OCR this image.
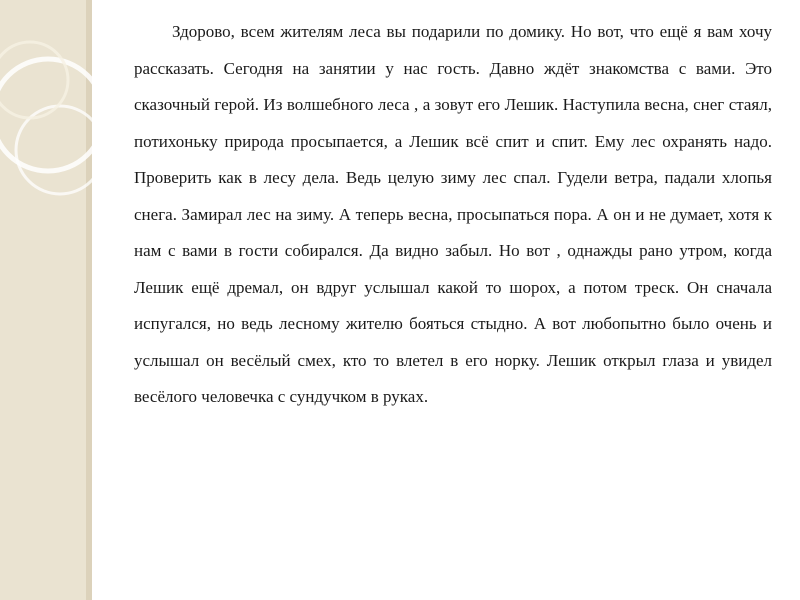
Здорово, всем жителям леса вы подарили по домику. Но вот, что ещё я вам хочу рассказать. Сегодня на занятии у нас гость. Давно ждёт знакомства с вами. Это сказочный герой. Из волшебного леса , а зовут его Лешик. Наступила весна, снег стаял, потихоньку природа просыпается, а Лешик всё спит и спит. Ему лес охранять надо. Проверить как в лесу дела. Ведь целую зиму лес спал. Гудели ветра, падали хлопья снега. Замирал лес на зиму. А теперь весна, просыпаться пора. А он и не думает, хотя к нам с вами в гости собирался. Да видно забыл. Но вот , однажды рано утром, когда Лешик ещё дремал, он вдруг услышал какой то шорох, а потом треск. Он сначала испугался, но ведь лесному жителю бояться стыдно. А вот любопытно было очень и услышал он весёлый смех, кто то влетел в его норку. Лешик открыл глаза и увидел весёлого человечка с сундучком в руках.
